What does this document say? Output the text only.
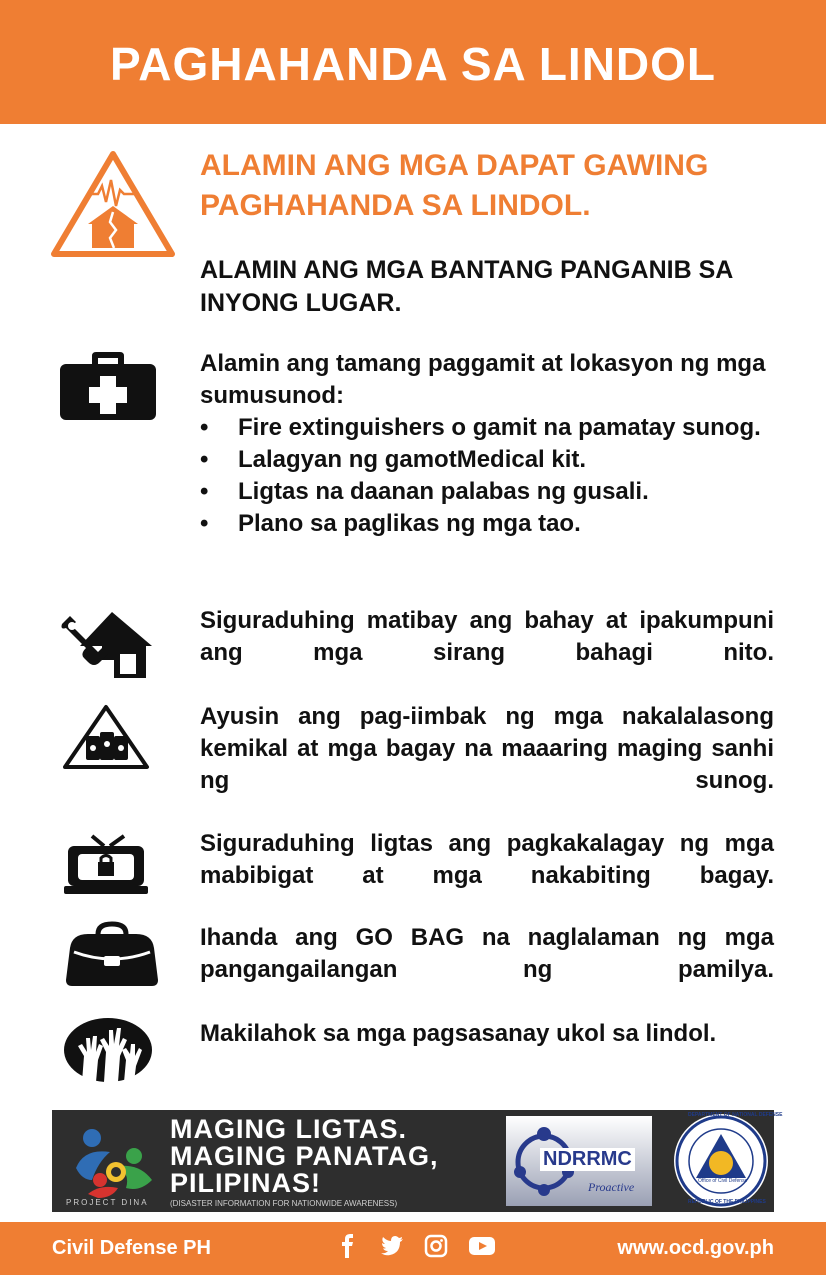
PAGHAHANDA SA LINDOL
ALAMIN ANG MGA DAPAT GAWING PAGHAHANDA SA LINDOL.
ALAMIN ANG MGA BANTANG PANGANIB SA INYONG LUGAR.
Alamin ang tamang paggamit at lokasyon ng mga sumusunod:
• Fire extinguishers o gamit na pamatay sunog.
• Lalagyan ng gamotMedical kit.
• Ligtas na daanan palabas ng gusali.
• Plano sa paglikas ng mga tao.
Siguraduhing matibay ang bahay at ipakumpuni ang mga sirang bahagi nito.
Ayusin ang pag-iimbak ng mga nakalalasong kemikal at mga bagay na maaaring maging sanhi ng sunog.
Siguraduhing ligtas ang pagkakalagay ng mga mabibigat at mga nakabiting bagay.
Ihanda ang GO BAG na naglalaman ng mga pangangailangan ng pamilya.
Makilahok sa mga pagsasanay ukol sa lindol.
PROJECT DINA
MAGING LIGTAS.
MAGING PANATAG,
PILIPINAS!
(DISASTER INFORMATION FOR NATIONWIDE AWARENESS)
NDRRMC
Proactive
DEPARTMENT OF NATIONAL DEFENSE
Office of Civil Defense
REPUBLIC OF THE PHILIPPINES
Civil Defense PH	www.ocd.gov.ph
